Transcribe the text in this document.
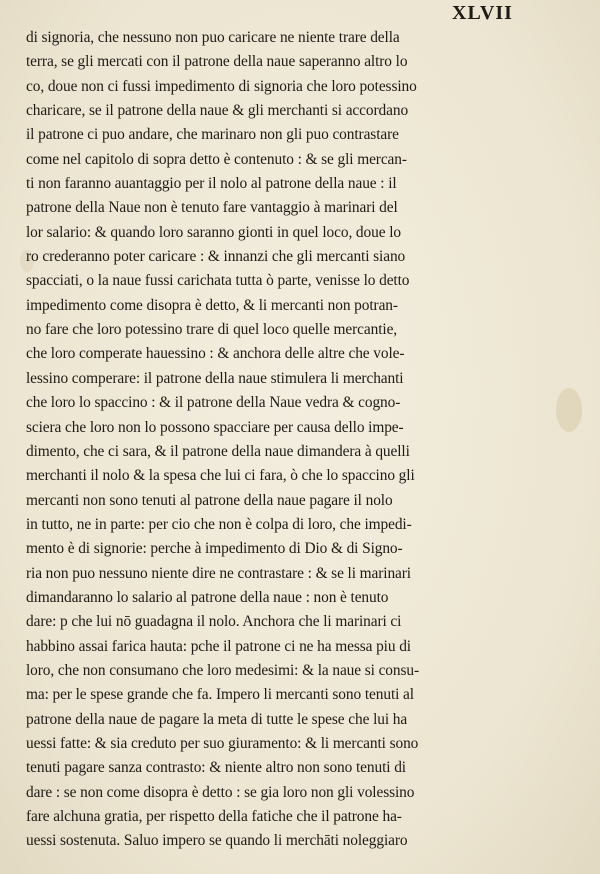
XLVII
di signoria, che nessuno non puo caricare ne niente trare della
terra, se gli mercati con il patrone della naue saperanno altro lo
co, doue non ci fussi impedimento di signoria che loro potessino
charicare, se il patrone della naue & gli merchanti si accordano
il patrone ci puo andare, che marinaro non gli puo contrastare
come nel capitolo di sopra detto è contenuto : & se gli mercan-
ti non faranno auantaggio per il nolo al patrone della naue : il
patrone della Naue non è tenuto fare vantaggio à marinari del
lor salario: & quando loro saranno gionti in quel loco, doue lo
ro crederanno poter caricare : & innanzi che gli mercanti siano
spacciati, o la naue fussi carichata tutta ò parte, venisse lo detto
impedimento come disopra è detto, & li mercanti non potran-
no fare che loro potessino trare di quel loco quelle mercantie,
che loro comperate hauessino : & anchora delle altre che vole-
lessino comperare: il patrone della naue stimulera li merchanti
che loro lo spaccino : & il patrone della Naue vedra & cogno-
sciera che loro non lo possono spacciare per causa dello impe-
dimento, che ci sara, & il patrone della naue dimandera à quelli
merchanti il nolo & la spesa che lui ci fara, ò che lo spaccino gli
mercanti non sono tenuti al patrone della naue pagare il nolo
in tutto, ne in parte: per cio che non è colpa di loro, che impedi-
mento è di signorie: perche à impedimento di Dio & di Signo-
ria non puo nessuno niente dire ne contrastare : & se li marinari
dimandaranno lo salario al patrone della naue : non è tenuto
dare: p che lui nō guadagna il nolo. Anchora che li marinari ci
habbino assai farica hauta: pche il patrone ci ne ha messa piu di
loro, che non consumano che loro medesimi: & la naue si consu-
ma: per le spese grande che fa. Impero li mercanti sono tenuti al
patrone della naue de pagare la meta di tutte le spese che lui ha
uessi fatte: & sia creduto per suo giuramento: & li mercanti sono
tenuti pagare sanza contrasto: & niente altro non sono tenuti di
dare : se non come disopra è detto : se gia loro non gli volessino
fare alchuna gratia, per rispetto della fatiche che il patrone ha-
uessi sostenuta. Saluo impero se quando li merchāti noleggiaro
